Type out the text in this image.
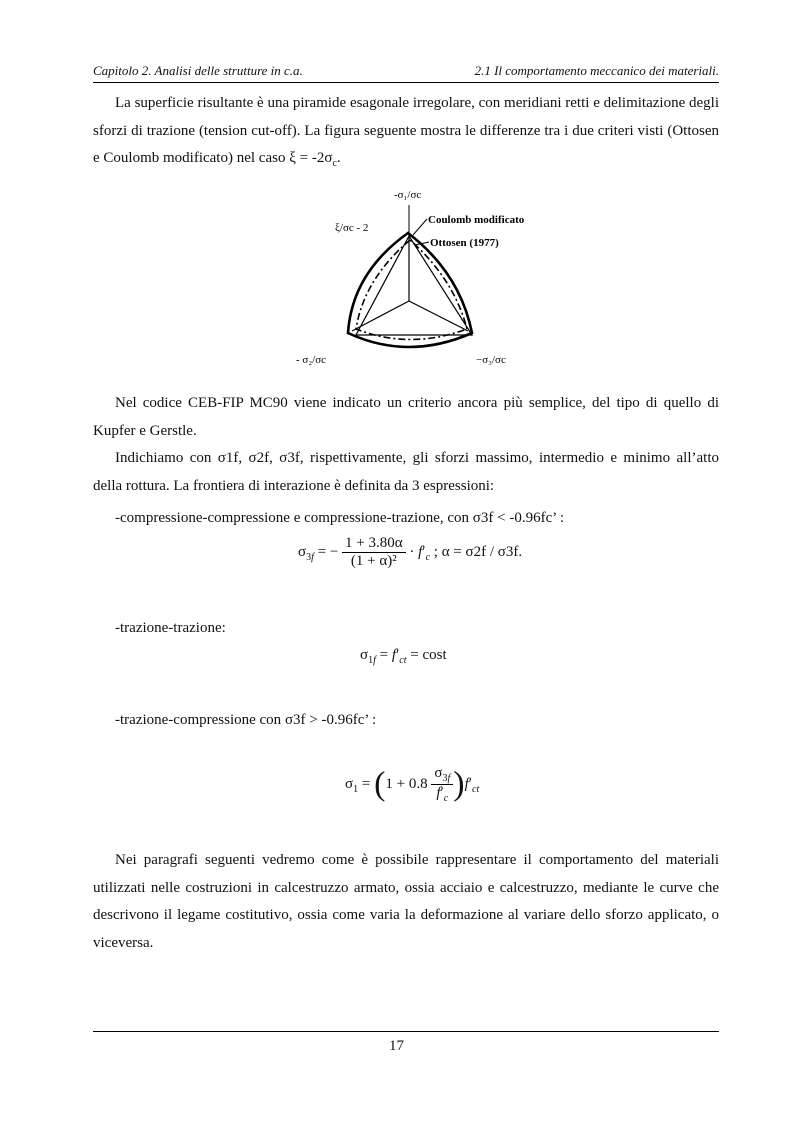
Capitolo 2. Analisi delle strutture in c.a.	2.1 Il comportamento meccanico dei materiali.

La superficie risultante è una piramide esagonale irregolare, con meridiani retti e delimitazione degli sforzi di trazione (tension cut-off). La figura seguente mostra le differenze tra i due criteri visti (Ottosen e Coulomb modificato) nel caso $\xi = -2\sigma_c$.

-σ₁/σc
ξ/σc - 2
Coulomb modificato
Ottosen (1977)
- σ₂/σc	−σ₃/σc

Nel codice CEB-FIP MC90 viene indicato un criterio ancora più semplice, del tipo di quello di Kupfer e Gerstle.

Indichiamo con σ1f, σ2f, σ3f, rispettivamente, gli sforzi massimo, intermedio e minimo all’atto della rottura. La frontiera di interazione è definita da 3 espressioni:

-compressione-compressione e compressione-trazione, con σ3f < -0.96fc’ :
$\sigma_{3f}$ = − $\frac{1 + 3.80\alpha}{\text{(1 + α)²}} \cdot f'_c$ ; α = σ2f / σ3f.
-trazione-trazione:
$\sigma_{1f} = f'_{ct} = \cos t$
-trazione-compressione con σ3f > -0.96fc’ :
$\sigma_1 = (1 + 0.8 \frac{\sigma_{3f}}{f'_c} )f'_{ct}$

Nei paragrafi seguenti vedremo come è possibile rappresentare il comportamento del materiali utilizzati nelle costruzioni in calcestruzzo armato, ossia acciaio e calcestruzzo, mediante le curve che descrivono il legame costitutivo, ossia come varia la deformazione al variare dello sforzo applicato, o viceversa.

17
